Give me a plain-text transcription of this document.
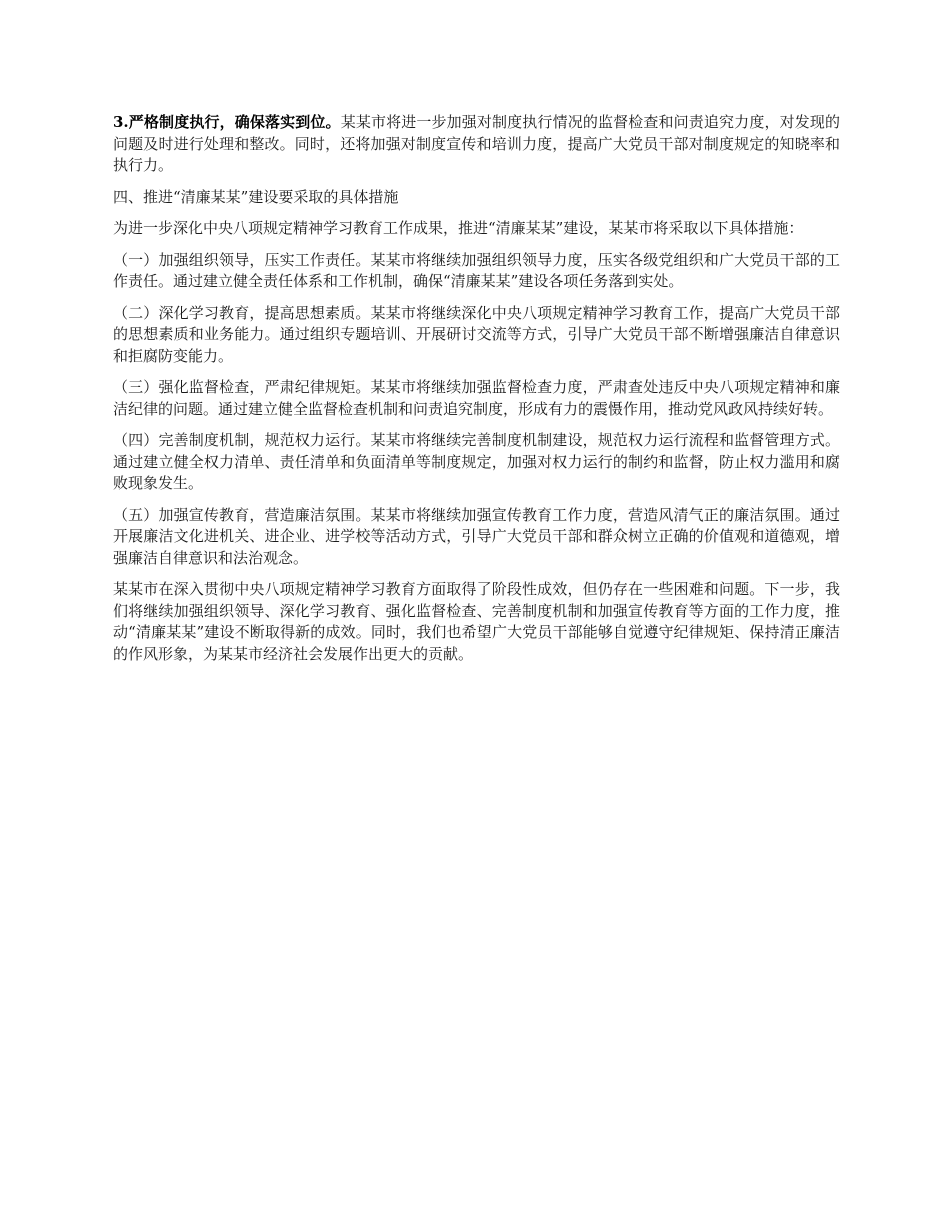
3.严格制度执行，确保落实到位。某某市将进一步加强对制度执行情况的监督检查和问责追究力度，对发现的问题及时进行处理和整改。同时，还将加强对制度宣传和培训力度，提高广大党员干部对制度规定的知晓率和执行力。

四、推进“清廉某某”建设要采取的具体措施

为进一步深化中央八项规定精神学习教育工作成果，推进“清廉某某”建设，某某市将采取以下具体措施：

（一）加强组织领导，压实工作责任。某某市将继续加强组织领导力度，压实各级党组织和广大党员干部的工作责任。通过建立健全责任体系和工作机制，确保“清廉某某”建设各项任务落到实处。

（二）深化学习教育，提高思想素质。某某市将继续深化中央八项规定精神学习教育工作，提高广大党员干部的思想素质和业务能力。通过组织专题培训、开展研讨交流等方式，引导广大党员干部不断增强廉洁自律意识和拒腐防变能力。

（三）强化监督检查，严肃纪律规矩。某某市将继续加强监督检查力度，严肃查处违反中央八项规定精神和廉洁纪律的问题。通过建立健全监督检查机制和问责追究制度，形成有力的震慑作用，推动党风政风持续好转。

（四）完善制度机制，规范权力运行。某某市将继续完善制度机制建设，规范权力运行流程和监督管理方式。通过建立健全权力清单、责任清单和负面清单等制度规定，加强对权力运行的制约和监督，防止权力滥用和腐败现象发生。

（五）加强宣传教育，营造廉洁氛围。某某市将继续加强宣传教育工作力度，营造风清气正的廉洁氛围。通过开展廉洁文化进机关、进企业、进学校等活动方式，引导广大党员干部和群众树立正确的价值观和道德观，增强廉洁自律意识和法治观念。

某某市在深入贯彻中央八项规定精神学习教育方面取得了阶段性成效，但仍存在一些困难和问题。下一步，我们将继续加强组织领导、深化学习教育、强化监督检查、完善制度机制和加强宣传教育等方面的工作力度，推动“清廉某某”建设不断取得新的成效。同时，我们也希望广大党员干部能够自觉遵守纪律规矩、保持清正廉洁的作风形象，为某某市经济社会发展作出更大的贡献。
